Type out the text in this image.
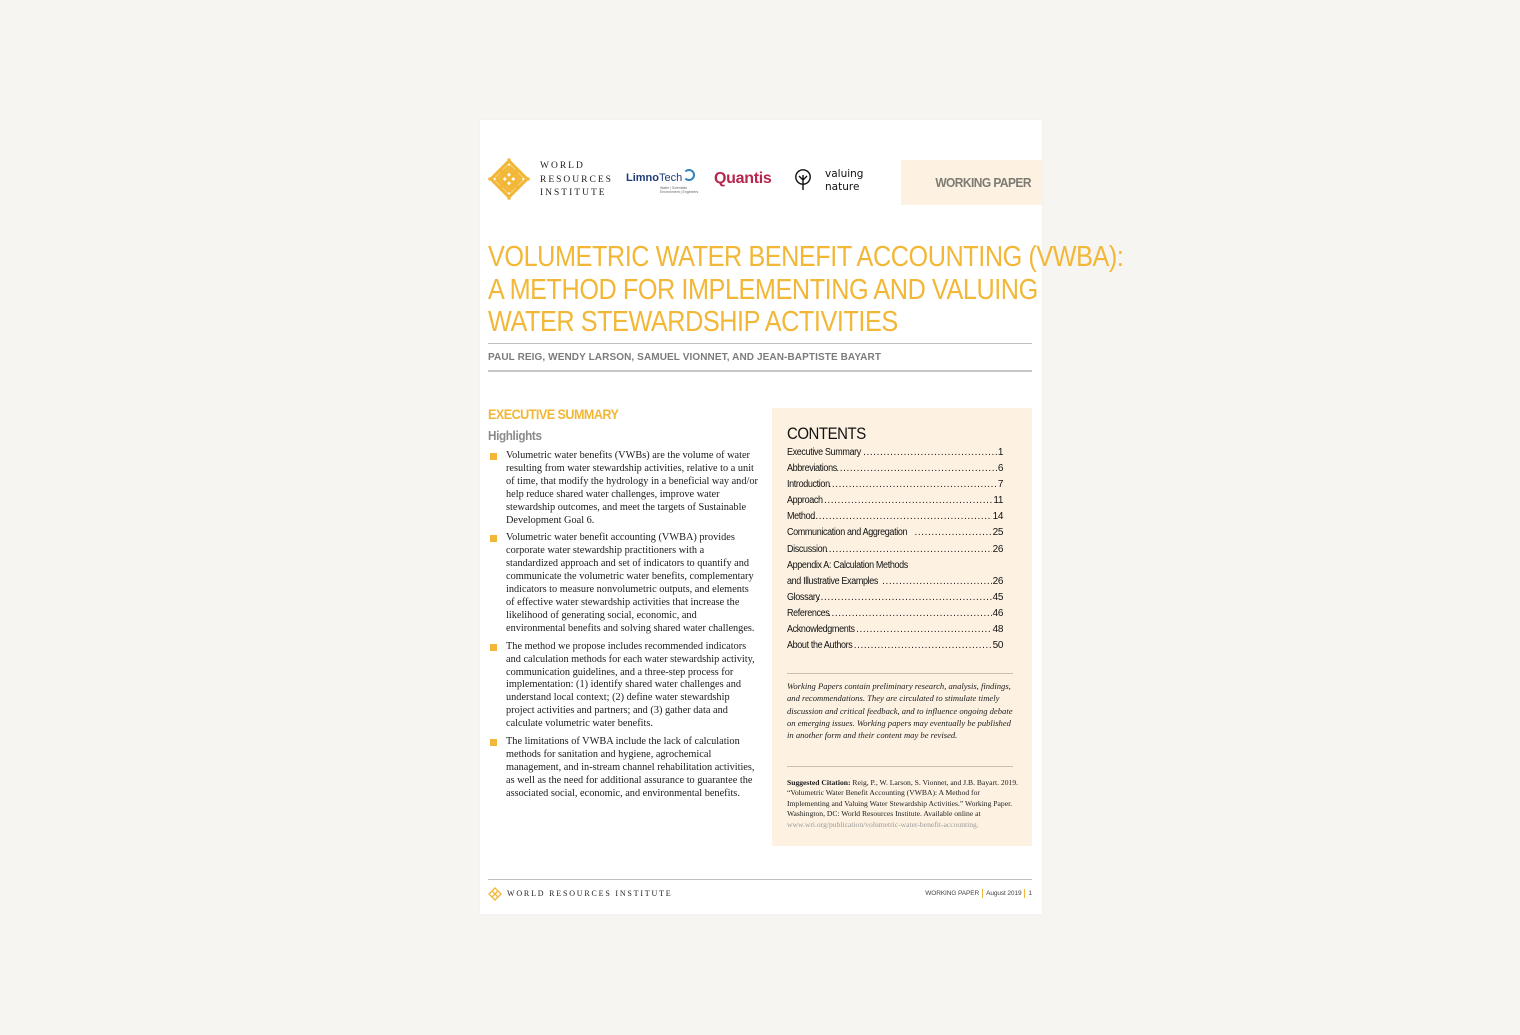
WORLD
RESOURCES
INSTITUTE
LimnoTech
Water | Scientists Environment | Engineers
Quantis	valuing
nature	WORKING PAPER
VOLUMETRIC WATER BENEFIT ACCOUNTING (VWBA):
A METHOD FOR IMPLEMENTING AND VALUING
WATER STEWARDSHIP ACTIVITIES
PAUL REIG, WENDY LARSON, SAMUEL VIONNET, AND JEAN-BAPTISTE BAYART
EXECUTIVE SUMMARY
Highlights
Volumetric water benefits (VWBs) are the volume of water resulting from water stewardship activities, relative to a unit of time, that modify the hydrology in a beneficial way and/or help reduce shared water challenges, improve water stewardship outcomes, and meet the targets of Sustainable Development Goal 6.
Volumetric water benefit accounting (VWBA) provides corporate water stewardship practitioners with a standardized approach and set of indicators to quantify and communicate the volumetric water benefits, complementary indicators to measure nonvolumetric outputs, and elements of effective water stewardship activities that increase the likelihood of generating social, economic, and environmental benefits and solving shared water challenges.
The method we propose includes recommended indicators and calculation methods for each water stewardship activity, communication guidelines, and a three-step process for implementation: (1) identify shared water challenges and understand local context; (2) define water stewardship project activities and partners; and (3) gather data and calculate volumetric water benefits.
The limitations of VWBA include the lack of calculation methods for sanitation and hygiene, agrochemical management, and in-stream channel rehabilitation activities, as well as the need for additional assurance to guarantee the associated social, economic, and environmental benefits.
CONTENTS
Executive Summary .....	1
Abbreviations .....	6
Introduction .....	7
Approach .....	11
Method .....	14
Communication and Aggregation .....	25
Discussion .....	26
Appendix A: Calculation Methods
and Illustrative Examples .....	26
Glossary .....	45
References .....	46
Acknowledgments .....	48
About the Authors .....	50
Working Papers contain preliminary research, analysis, findings, and recommendations. They are circulated to stimulate timely discussion and critical feedback, and to influence ongoing debate on emerging issues. Working papers may eventually be published in another form and their content may be revised.
Suggested Citation: Reig, P., W. Larson, S. Vionnet, and J.B. Bayart. 2019. “Volumetric Water Benefit Accounting (VWBA): A Method for Implementing and Valuing Water Stewardship Activities.” Working Paper. Washington, DC: World Resources Institute. Available online at www.wri.org/publication/volumetric-water-benefit-accounting.
WORLD RESOURCES INSTITUTE	WORKING PAPER August 2019 1
